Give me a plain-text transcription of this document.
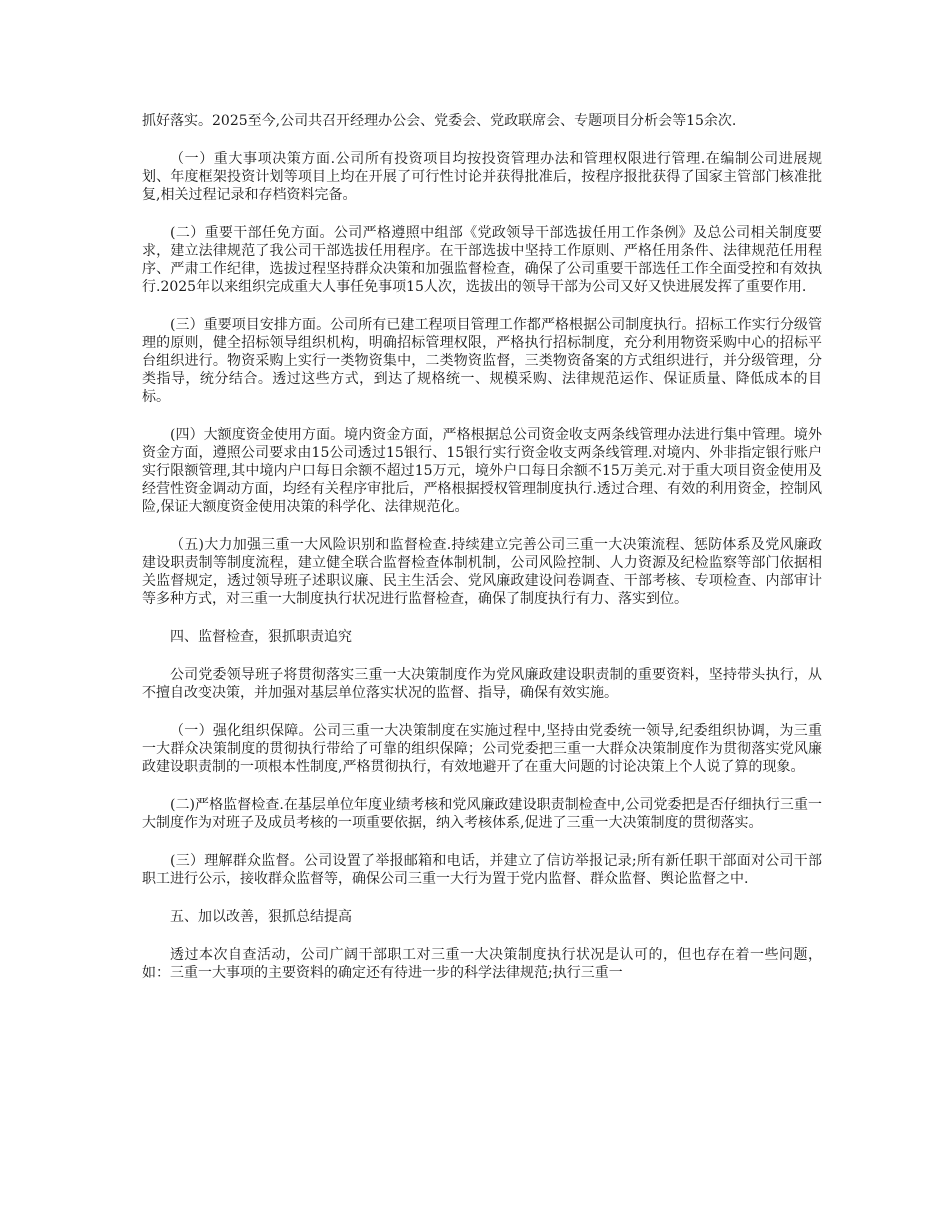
抓好落实。2025至今,公司共召开经理办公会、党委会、党政联席会、专题项目分析会等15余次.

（一）重大事项决策方面.公司所有投资项目均按投资管理办法和管理权限进行管理.在编制公司进展规划、年度框架投资计划等项目上均在开展了可行性讨论并获得批准后，按程序报批获得了国家主管部门核准批复,相关过程记录和存档资料完备。

(二）重要干部任免方面。公司严格遵照中组部《党政领导干部选拔任用工作条例》及总公司相关制度要求，建立法律规范了我公司干部选拔任用程序。在干部选拔中坚持工作原则、严格任用条件、法律规范任用程序、严肃工作纪律，选拔过程坚持群众决策和加强监督检查，确保了公司重要干部选任工作全面受控和有效执行.2025年以来组织完成重大人事任免事项15人次，选拔出的领导干部为公司又好又快进展发挥了重要作用.

(三）重要项目安排方面。公司所有已建工程项目管理工作都严格根据公司制度执行。招标工作实行分级管理的原则，健全招标领导组织机构，明确招标管理权限，严格执行招标制度，充分利用物资采购中心的招标平台组织进行。物资采购上实行一类物资集中，二类物资监督，三类物资备案的方式组织进行，并分级管理，分类指导，统分结合。透过这些方式，到达了规格统一、规模采购、法律规范运作、保证质量、降低成本的目标。

(四）大额度资金使用方面。境内资金方面，严格根据总公司资金收支两条线管理办法进行集中管理。境外资金方面，遵照公司要求由15公司透过15银行、15银行实行资金收支两条线管理.对境内、外非指定银行账户实行限额管理,其中境内户口每日余额不超过15万元，境外户口每日余额不15万美元.对于重大项目资金使用及经营性资金调动方面，均经有关程序审批后，严格根据授权管理制度执行.透过合理、有效的利用资金，控制风险,保证大额度资金使用决策的科学化、法律规范化。

（五)大力加强三重一大风险识别和监督检查.持续建立完善公司三重一大决策流程、惩防体系及党风廉政建设职责制等制度流程，建立健全联合监督检查体制机制，公司风险控制、人力资源及纪检监察等部门依据相关监督规定，透过领导班子述职议廉、民主生活会、党风廉政建设问卷调查、干部考核、专项检查、内部审计等多种方式，对三重一大制度执行状况进行监督检查，确保了制度执行有力、落实到位。

四、监督检查，狠抓职责追究

公司党委领导班子将贯彻落实三重一大决策制度作为党风廉政建设职责制的重要资料，坚持带头执行，从不擅自改变决策，并加强对基层单位落实状况的监督、指导，确保有效实施。

（一）强化组织保障。公司三重一大决策制度在实施过程中,坚持由党委统一领导,纪委组织协调，为三重一大群众决策制度的贯彻执行带给了可靠的组织保障；公司党委把三重一大群众决策制度作为贯彻落实党风廉政建设职责制的一项根本性制度,严格贯彻执行，有效地避开了在重大问题的讨论决策上个人说了算的现象。

(二)严格监督检查.在基层单位年度业绩考核和党风廉政建设职责制检查中,公司党委把是否仔细执行三重一大制度作为对班子及成员考核的一项重要依据，纳入考核体系,促进了三重一大决策制度的贯彻落实。

(三）理解群众监督。公司设置了举报邮箱和电话，并建立了信访举报记录;所有新任职干部面对公司干部职工进行公示，接收群众监督等，确保公司三重一大行为置于党内监督、群众监督、舆论监督之中.

五、加以改善，狠抓总结提高

透过本次自查活动，公司广阔干部职工对三重一大决策制度执行状况是认可的，但也存在着一些问题，如：三重一大事项的主要资料的确定还有待进一步的科学法律规范;执行三重一
